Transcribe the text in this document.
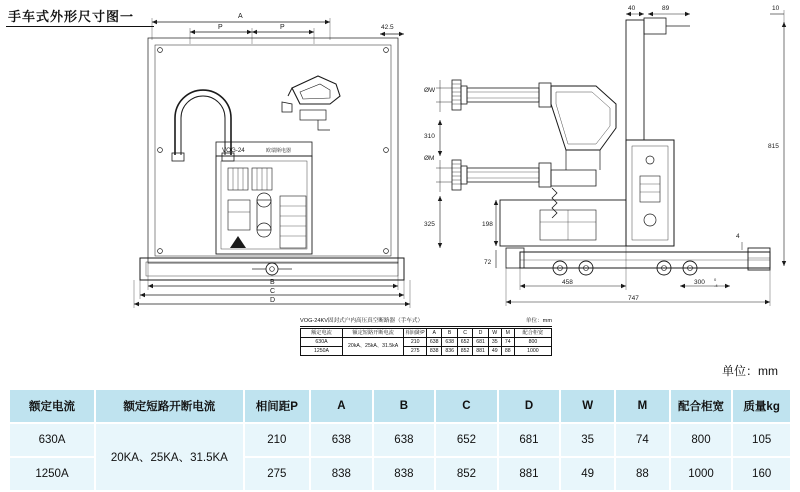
手车式外形尺寸图一
VOG-24	欧瑞斯电器
A
P	P	42.5
B
C
D
ØW
ØM
310
325	198
72
815
4
40	89	10
458	300 0
-4
747
VOG-24KV固封式户内高压真空断路器（手车式）	单位：mm
额定电流	额定短路开断电流	相间距P	A	B	C	D	W	M	配合柜宽
630A	20kA、25kA、31.5kA	210	638	638	652	681	35	74	800
1250A		275	838	836	852	881	49	88	1000
单位：mm
额定电流	额定短路开断电流	相间距P	A	B	C	D	W	M	配合柜宽	质量kg
630A	20KA、25KA、31.5KA	210	638	638	652	681	35	74	800	105
1250A		275	838	838	852	881	49	88	1000	160
